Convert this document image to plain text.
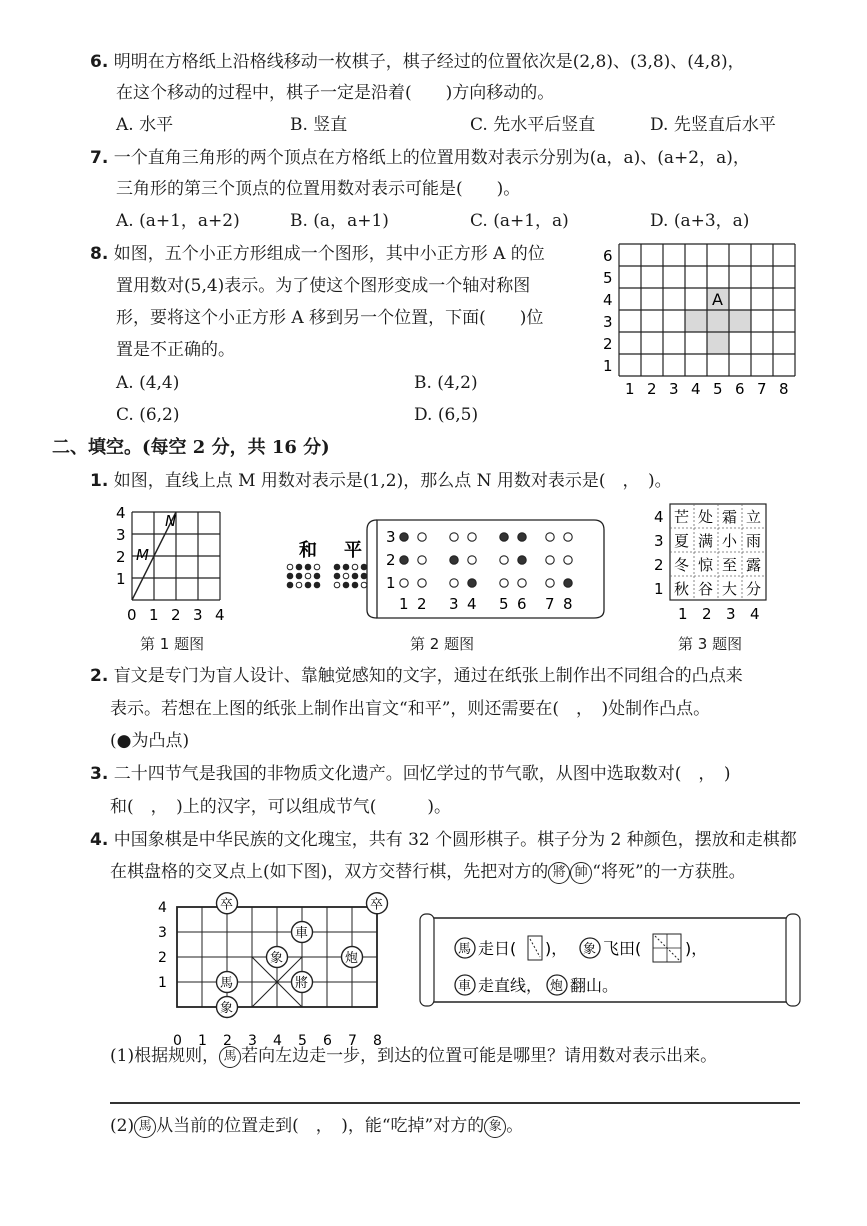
6. 明明在方格纸上沿格线移动一枚棋子，棋子经过的位置依次是(2,8)、(3,8)、(4,8)，
在这个移动的过程中，棋子一定是沿着(　　)方向移动的。
A. 水平	B. 竖直	C. 先水平后竖直	D. 先竖直后水平
7. 一个直角三角形的两个顶点在方格纸上的位置用数对表示分别为(a，a)、(a+2，a)，
三角形的第三个顶点的位置用数对表示可能是(　　)。
A. (a+1，a+2)	B. (a，a+1)	C. (a+1，a)	D. (a+3，a)
8. 如图，五个小正方形组成一个图形，其中小正方形 A 的位
置用数对(5,4)表示。为了使这个图形变成一个轴对称图
形，要将这个小正方形 A 移到另一个位置，下面(　　)位
置是不正确的。
A. (4,4)	B. (4,2)
C. (6,2)	D. (6,5)
1
2
3
4
5
6
1 2 3 4 5 6 7 8
A
二、填空。(每空 2 分，共 16 分)
1. 如图，直线上点 M 用数对表示是(1,2)，那么点 N 用数对表示是(　，　)。
1
2
3
4
0 1 2 3 4
M
N
第 1 题图
和 平
3
2
1
1 2 3 4 5 6 7 8
第 2 题图
4 芒 处 霜 立
3 夏 满 小 雨
2 冬 惊 至 露
1 秋 谷 大 分
1 2 3 4
第 3 题图
2. 盲文是专门为盲人设计、靠触觉感知的文字，通过在纸张上制作出不同组合的凸点来
表示。若想在上图的纸张上制作出盲文“和平”，则还需要在(　，　)处制作凸点。
(●为凸点)
3. 二十四节气是我国的非物质文化遗产。回忆学过的节气歌，从图中选取数对(　，　)
和(　，　)上的汉字，可以组成节气(　　　)。
4. 中国象棋是中华民族的文化瑰宝，共有 32 个圆形棋子。棋子分为 2 种颜色，摆放和走棋都
在棋盘格的交叉点上(如下图)，双方交替行棋，先把对方的 將 帥 “将死”的一方获胜。
1
2
3
4
0 1 2 3 4 5 6 7 8
卒	卒
車
炮
象
馬	將
象
馬 走日( )， 象 飞田(	)，
車 走直线， 炮 翻山。
(1)根据规则， 馬 若向左边走一步，到达的位置可能是哪里？请用数对表示出来。
(2) 馬 从当前的位置走到(　，　)，能“吃掉”对方的 象 。
